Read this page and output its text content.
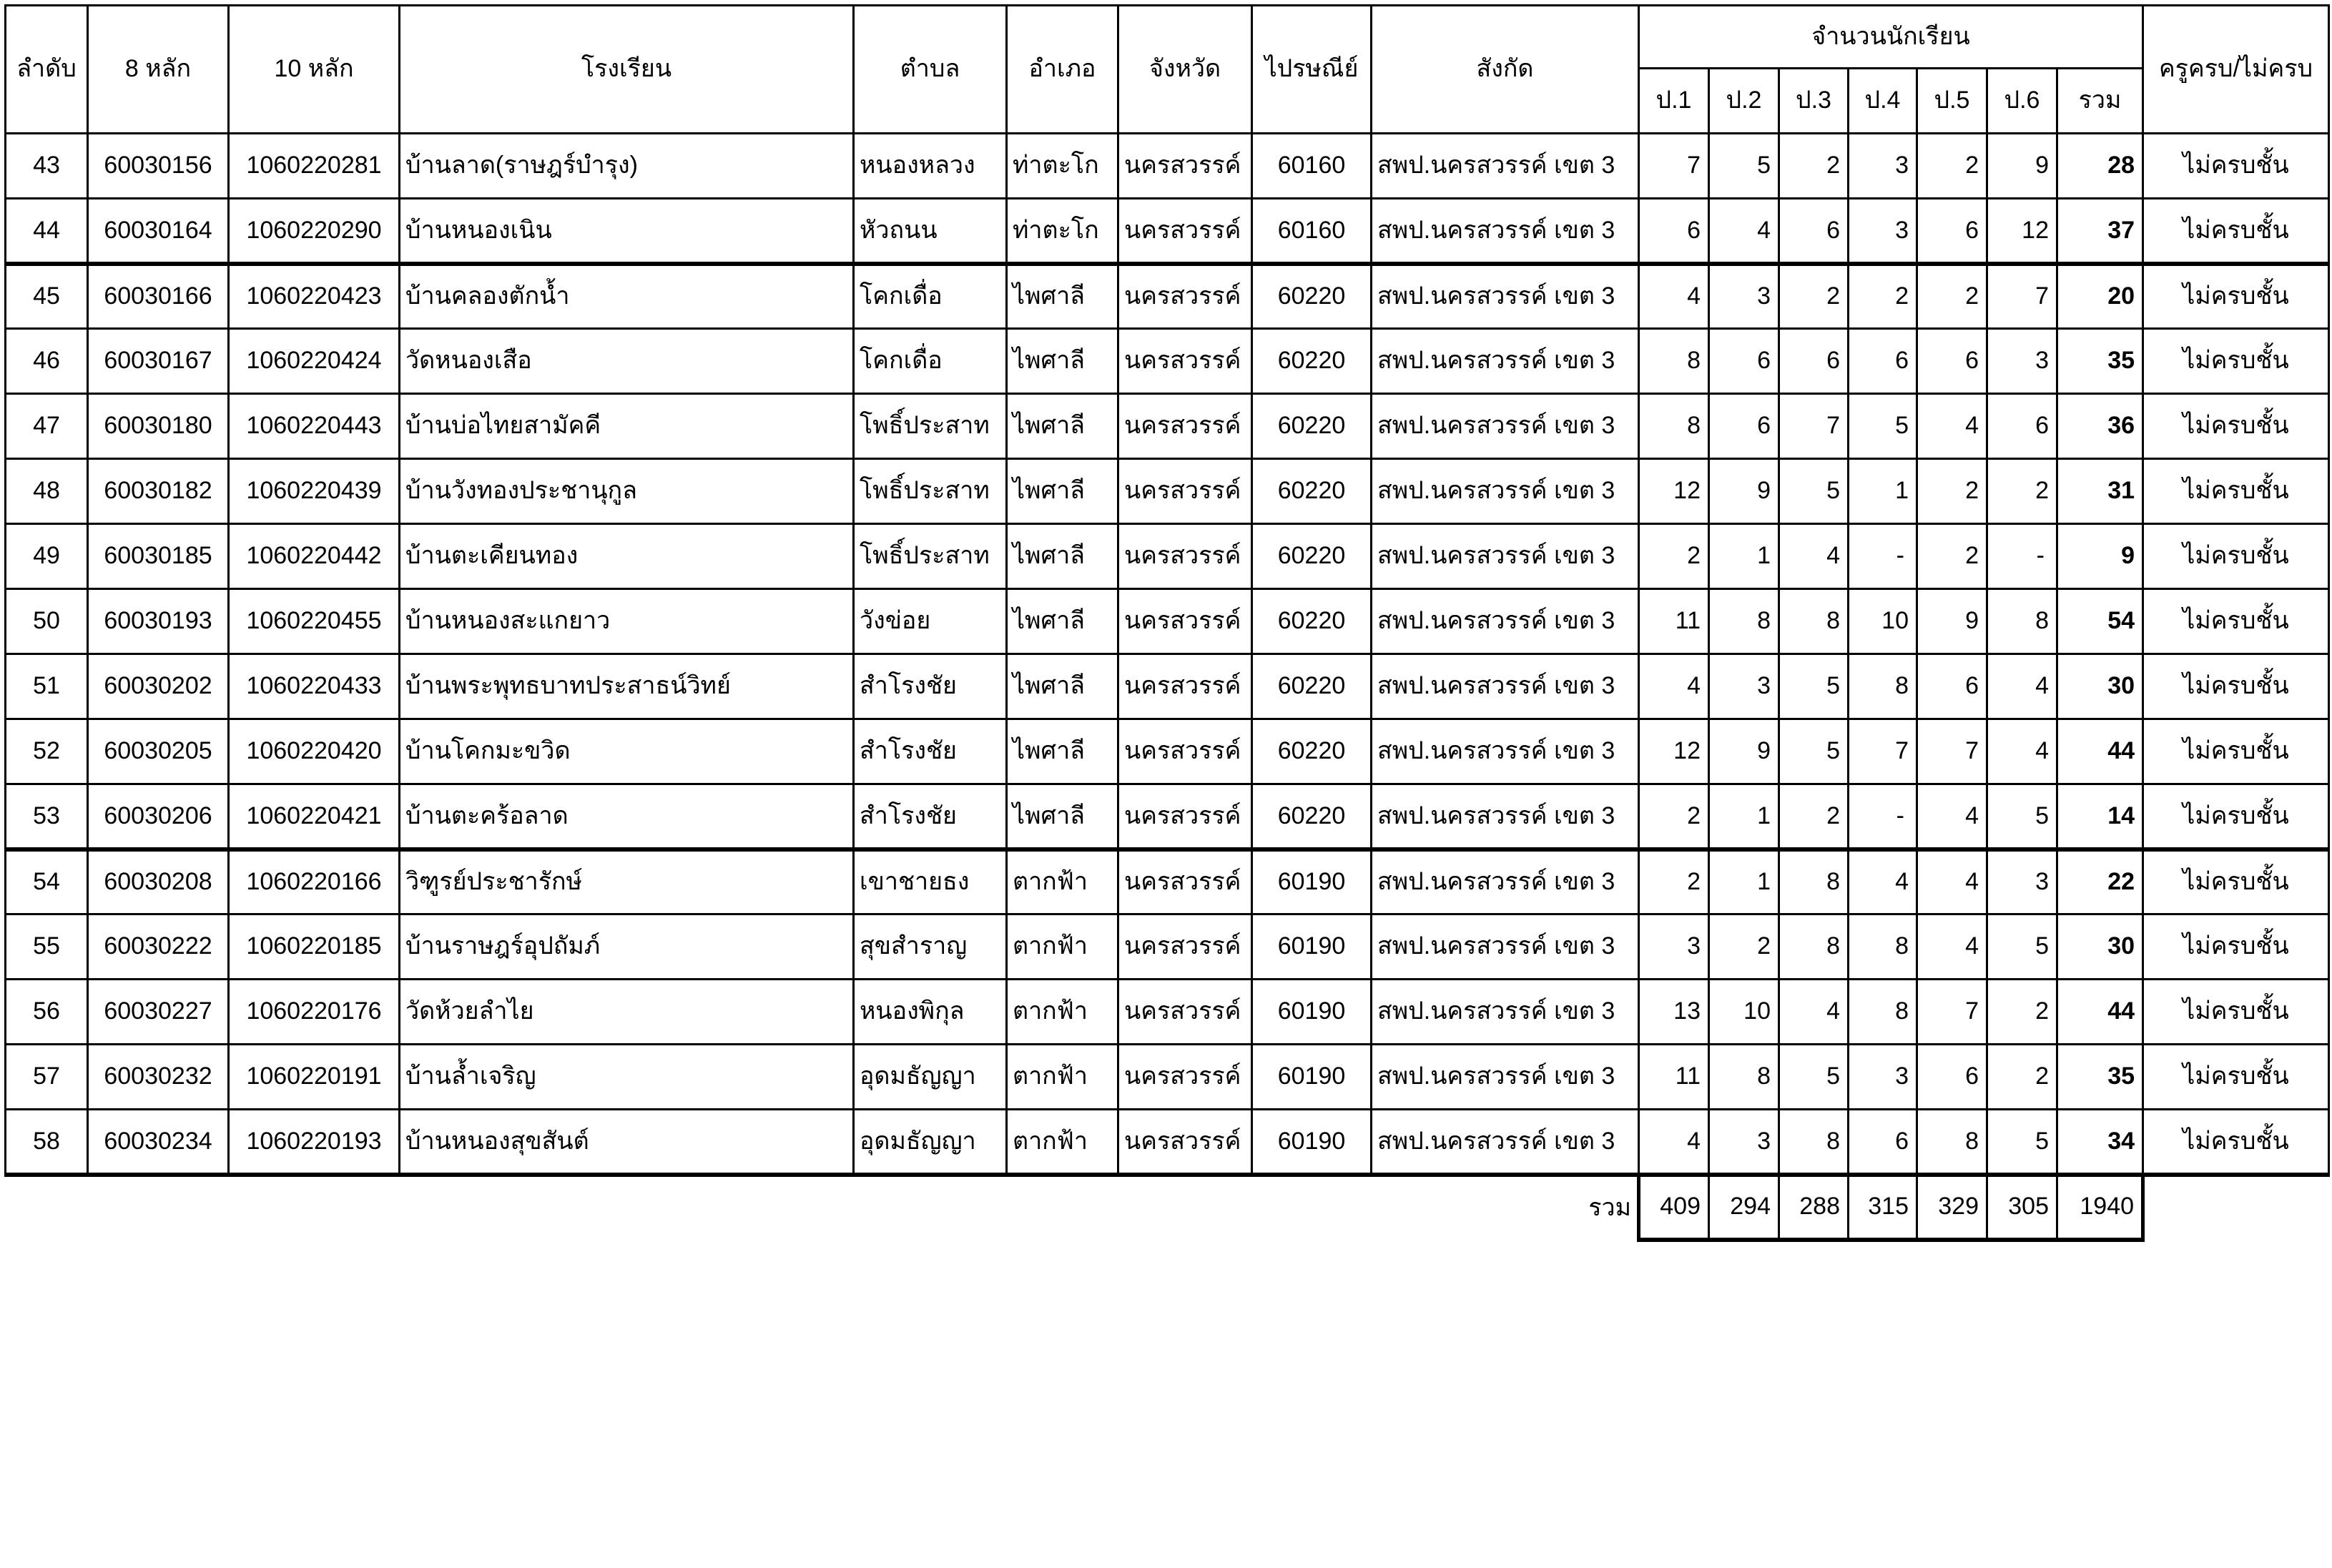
ลำดับ	8 หลัก	10 หลัก	โรงเรียน	ตำบล	อำเภอ	จังหวัด	ไปรษณีย์	สังกัด	จำนวนนักเรียน							ครูครบ/ไม่ครบ
									ป.1	ป.2	ป.3	ป.4	ป.5	ป.6	รวม	
43	60030156	1060220281	บ้านลาด(ราษฎร์บำรุง)	หนองหลวง	ท่าตะโก	นครสวรรค์	60160	สพป.นครสวรรค์ เขต 3	7	5	2	3	2	9	28	ไม่ครบชั้น
44	60030164	1060220290	บ้านหนองเนิน	หัวถนน	ท่าตะโก	นครสวรรค์	60160	สพป.นครสวรรค์ เขต 3	6	4	6	3	6	12	37	ไม่ครบชั้น
45	60030166	1060220423	บ้านคลองตักน้ำ	โคกเดื่อ	ไพศาลี	นครสวรรค์	60220	สพป.นครสวรรค์ เขต 3	4	3	2	2	2	7	20	ไม่ครบชั้น
46	60030167	1060220424	วัดหนองเสือ	โคกเดื่อ	ไพศาลี	นครสวรรค์	60220	สพป.นครสวรรค์ เขต 3	8	6	6	6	6	3	35	ไม่ครบชั้น
47	60030180	1060220443	บ้านบ่อไทยสามัคคี	โพธิ์ประสาท	ไพศาลี	นครสวรรค์	60220	สพป.นครสวรรค์ เขต 3	8	6	7	5	4	6	36	ไม่ครบชั้น
48	60030182	1060220439	บ้านวังทองประชานุกูล	โพธิ์ประสาท	ไพศาลี	นครสวรรค์	60220	สพป.นครสวรรค์ เขต 3	12	9	5	1	2	2	31	ไม่ครบชั้น
49	60030185	1060220442	บ้านตะเคียนทอง	โพธิ์ประสาท	ไพศาลี	นครสวรรค์	60220	สพป.นครสวรรค์ เขต 3	2	1	4	-	2	-	9	ไม่ครบชั้น
50	60030193	1060220455	บ้านหนองสะแกยาว	วังข่อย	ไพศาลี	นครสวรรค์	60220	สพป.นครสวรรค์ เขต 3	11	8	8	10	9	8	54	ไม่ครบชั้น
51	60030202	1060220433	บ้านพระพุทธบาทประสาธน์วิทย์	สำโรงชัย	ไพศาลี	นครสวรรค์	60220	สพป.นครสวรรค์ เขต 3	4	3	5	8	6	4	30	ไม่ครบชั้น
52	60030205	1060220420	บ้านโคกมะขวิด	สำโรงชัย	ไพศาลี	นครสวรรค์	60220	สพป.นครสวรรค์ เขต 3	12	9	5	7	7	4	44	ไม่ครบชั้น
53	60030206	1060220421	บ้านตะคร้อลาด	สำโรงชัย	ไพศาลี	นครสวรรค์	60220	สพป.นครสวรรค์ เขต 3	2	1	2	-	4	5	14	ไม่ครบชั้น
54	60030208	1060220166	วิฑูรย์ประชารักษ์	เขาชายธง	ตากฟ้า	นครสวรรค์	60190	สพป.นครสวรรค์ เขต 3	2	1	8	4	4	3	22	ไม่ครบชั้น
55	60030222	1060220185	บ้านราษฎร์อุปถัมภ์	สุขสำราญ	ตากฟ้า	นครสวรรค์	60190	สพป.นครสวรรค์ เขต 3	3	2	8	8	4	5	30	ไม่ครบชั้น
56	60030227	1060220176	วัดห้วยลำไย	หนองพิกุล	ตากฟ้า	นครสวรรค์	60190	สพป.นครสวรรค์ เขต 3	13	10	4	8	7	2	44	ไม่ครบชั้น
57	60030232	1060220191	บ้านล้ำเจริญ	อุดมธัญญา	ตากฟ้า	นครสวรรค์	60190	สพป.นครสวรรค์ เขต 3	11	8	5	3	6	2	35	ไม่ครบชั้น
58	60030234	1060220193	บ้านหนองสุขสันต์	อุดมธัญญา	ตากฟ้า	นครสวรรค์	60190	สพป.นครสวรรค์ เขต 3	4	3	8	6	8	5	34	ไม่ครบชั้น
รวม									409	294	288	315	329	305	1940	
